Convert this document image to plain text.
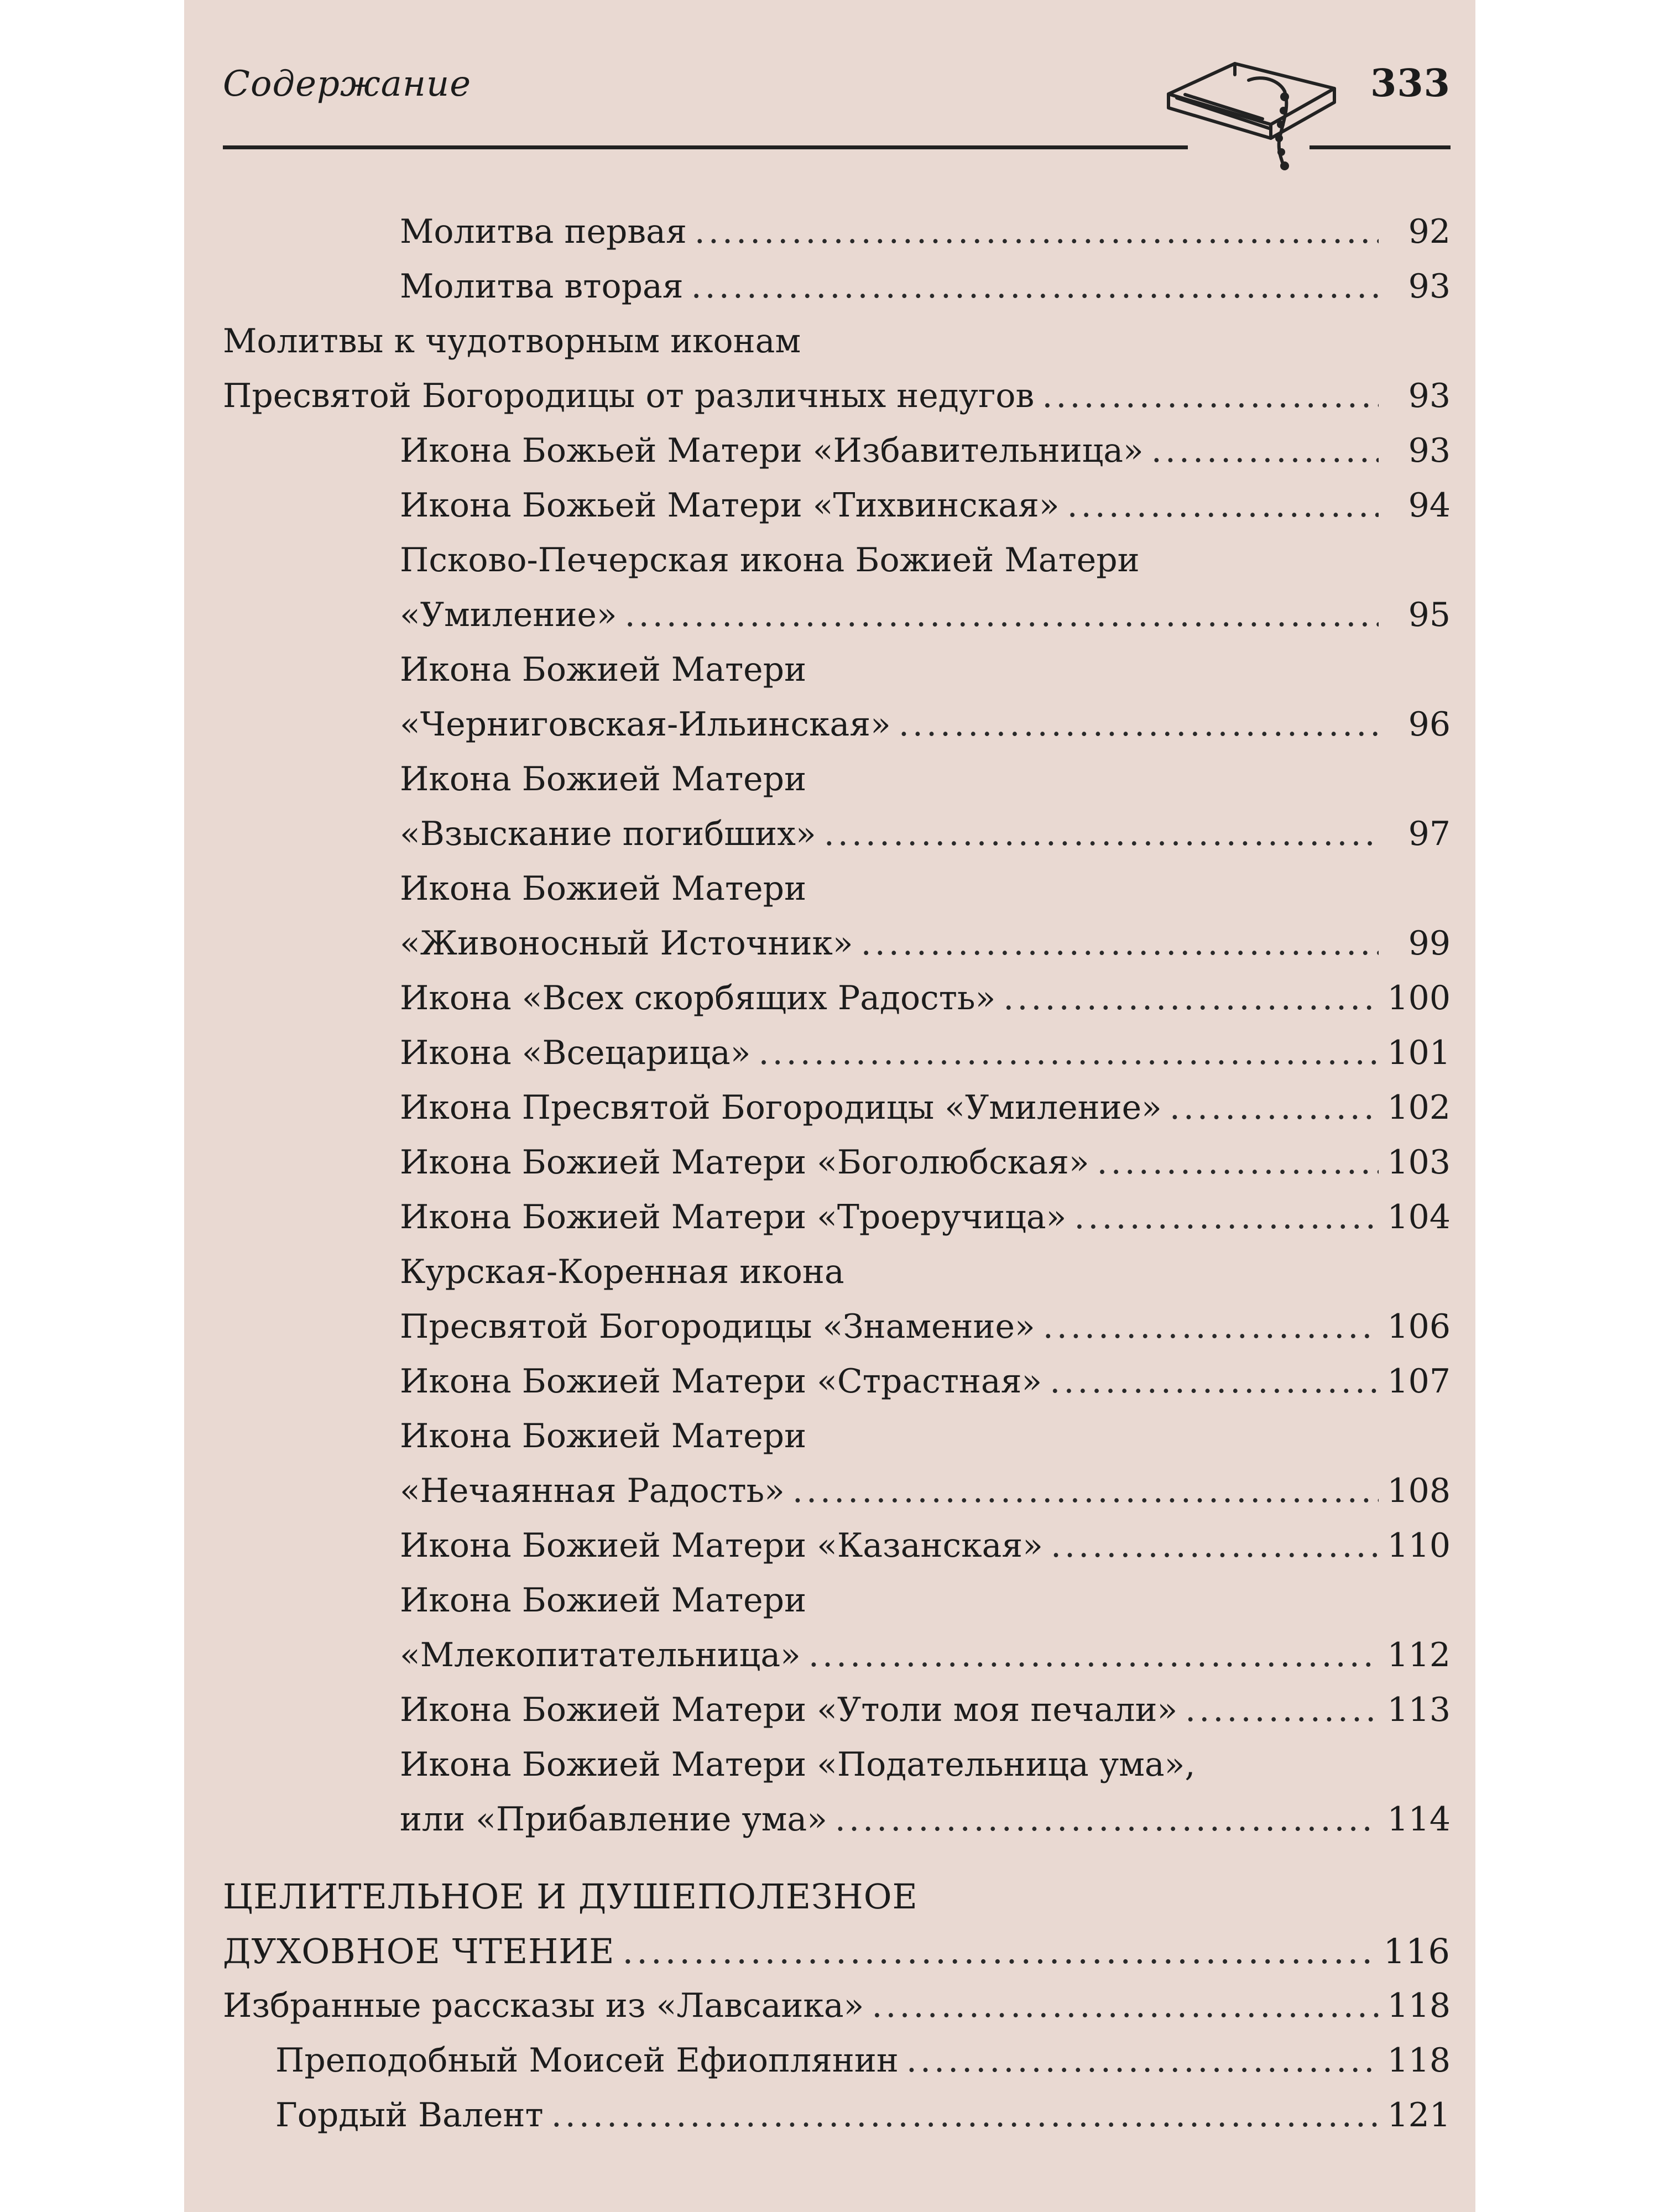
Содержание	333
Молитва первая .....	92
Молитва вторая .....	93
Молитвы к чудотворным иконам
Пресвятой Богородицы от различных недугов .....	93
Икона Божьей Матери «Избавительница» .....	93
Икона Божьей Матери «Тихвинская» .....	94
Псково-Печерская икона Божией Матери
«Умиление» .....	95
Икона Божией Матери
«Черниговская-Ильинская» .....	96
Икона Божией Матери
«Взыскание погибших» .....	97
Икона Божией Матери
«Живоносный Источник» .....	99
Икона «Всех скорбящих Радость» .....	100
Икона «Всецарица» .....	101
Икона Пресвятой Богородицы «Умиление» .....	102
Икона Божией Матери «Боголюбская» .....	103
Икона Божией Матери «Троеручица» .....	104
Курская-Коренная икона
Пресвятой Богородицы «Знамение» .....	106
Икона Божией Матери «Страстная» .....	107
Икона Божией Матери
«Нечаянная Радость» .....	108
Икона Божией Матери «Казанская» .....	110
Икона Божией Матери
«Млекопитательница» .....	112
Икона Божией Матери «Утоли моя печали» .....	113
Икона Божией Матери «Подательница ума»,
или «Прибавление ума» .....	114
ЦЕЛИТЕЛЬНОЕ И ДУШЕПОЛЕЗНОЕ
ДУХОВНОЕ ЧТЕНИЕ .....	116
Избранные рассказы из «Лавсаика» .....	118
Преподобный Моисей Ефиоплянин .....	118
Гордый Валент .....	121
